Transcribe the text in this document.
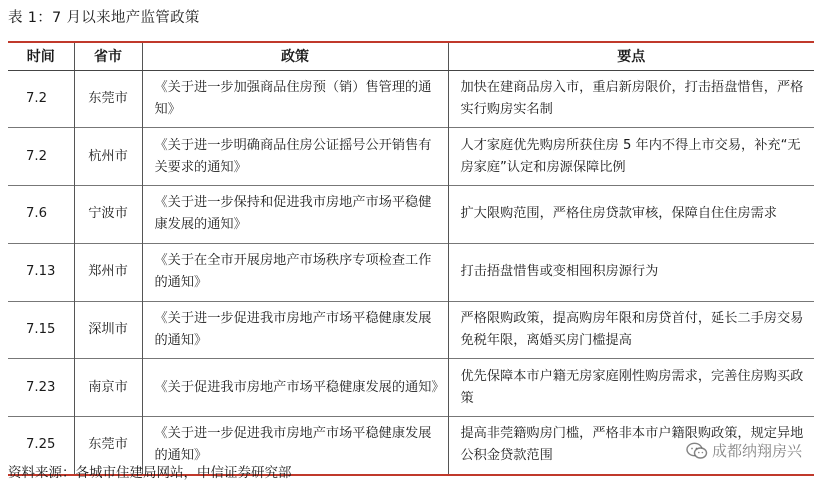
表 1：7 月以来地产监管政策
时间	省市	政策	要点
7.2	东莞市	《关于进一步加强商品住房预（销）售管理的通知》	加快在建商品房入市，重启新房限价，打击捂盘惜售，严格实行购房实名制
7.2	杭州市	《关于进一步明确商品住房公证摇号公开销售有关要求的通知》	人才家庭优先购房所获住房 5 年内不得上市交易，补充“无房家庭”认定和房源保障比例
7.6	宁波市	《关于进一步保持和促进我市房地产市场平稳健康发展的通知》	扩大限购范围，严格住房贷款审核，保障自住住房需求
7.13	郑州市	《关于在全市开展房地产市场秩序专项检查工作的通知》	打击捂盘惜售或变相囤积房源行为
7.15	深圳市	《关于进一步促进我市房地产市场平稳健康发展的通知》	严格限购政策，提高购房年限和房贷首付，延长二手房交易免税年限，离婚买房门槛提高
7.23	南京市	《关于促进我市房地产市场平稳健康发展的通知》	优先保障本市户籍无房家庭刚性购房需求，完善住房购买政策
7.25	东莞市	《关于进一步促进我市房地产市场平稳健康发展的通知》	提高非莞籍购房门槛，严格非本市户籍限购政策，规定异地公积金贷款范围
资料来源：各城市住建局网站，中信证券研究部
成都纳翔房兴
